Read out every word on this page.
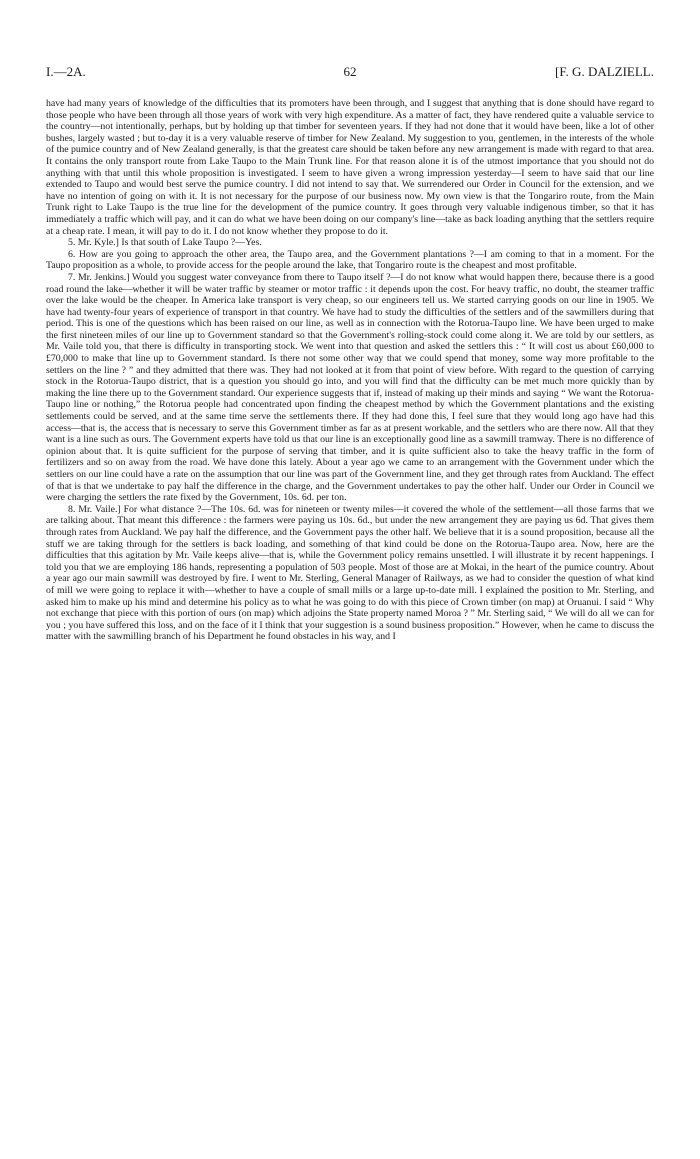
I.—2A.	62	[F. G. DALZIELL.

have had many years of knowledge of the difficulties that its promoters have been through, and I suggest that anything that is done should have regard to those people who have been through all those years of work with very high expenditure. As a matter of fact, they have rendered quite a valuable service to the country—not intentionally, perhaps, but by holding up that timber for seventeen years. If they had not done that it would have been, like a lot of other bushes, largely wasted ; but to-day it is a very valuable reserve of timber for New Zealand. My suggestion to you, gentlemen, in the interests of the whole of the pumice country and of New Zealand generally, is that the greatest care should be taken before any new arrangement is made with regard to that area. It contains the only transport route from Lake Taupo to the Main Trunk line. For that reason alone it is of the utmost importance that you should not do anything with that until this whole proposition is investigated. I seem to have given a wrong impression yesterday—I seem to have said that our line extended to Taupo and would best serve the pumice country. I did not intend to say that. We surrendered our Order in Council for the extension, and we have no intention of going on with it. It is not necessary for the purpose of our business now. My own view is that the Tongariro route, from the Main Trunk right to Lake Taupo is the true line for the development of the pumice country. It goes through very valuable indigenous timber, so that it has immediately a traffic which will pay, and it can do what we have been doing on our company's line—take as back loading anything that the settlers require at a cheap rate. I mean, it will pay to do it. I do not know whether they propose to do it.

5. Mr. Kyle.] Is that south of Lake Taupo ?—Yes.

6. How are you going to approach the other area, the Taupo area, and the Government plantations ?—I am coming to that in a moment. For the Taupo proposition as a whole, to provide access for the people around the lake, that Tongariro route is the cheapest and most profitable.

7. Mr. Jenkins.] Would you suggest water conveyance from there to Taupo itself ?—I do not know what would happen there, because there is a good road round the lake—whether it will be water traffic by steamer or motor traffic : it depends upon the cost. For heavy traffic, no doubt, the steamer traffic over the lake would be the cheaper. In America lake transport is very cheap, so our engineers tell us. We started carrying goods on our line in 1905. We have had twenty-four years of experience of transport in that country. We have had to study the difficulties of the settlers and of the sawmillers during that period. This is one of the questions which has been raised on our line, as well as in connection with the Rotorua-Taupo line. We have been urged to make the first nineteen miles of our line up to Government standard so that the Government's rolling-stock could come along it. We are told by our settlers, as Mr. Vaile told you, that there is difficulty in transporting stock. We went into that question and asked the settlers this : “ It will cost us about £60,000 to £70,000 to make that line up to Government standard. Is there not some other way that we could spend that money, some way more profitable to the settlers on the line ? ” and they admitted that there was. They had not looked at it from that point of view before. With regard to the question of carrying stock in the Rotorua-Taupo district, that is a question you should go into, and you will find that the difficulty can be met much more quickly than by making the line there up to the Government standard. Our experience suggests that if, instead of making up their minds and saying “ We want the Rotorua-Taupo line or nothing,” the Rotorua people had concentrated upon finding the cheapest method by which the Government plantations and the existing settlements could be served, and at the same time serve the settlements there. If they had done this, I feel sure that they would long ago have had this access—that is, the access that is necessary to serve this Government timber as far as at present workable, and the settlers who are there now. All that they want is a line such as ours. The Government experts have told us that our line is an exceptionally good line as a sawmill tramway. There is no difference of opinion about that. It is quite sufficient for the purpose of serving that timber, and it is quite sufficient also to take the heavy traffic in the form of fertilizers and so on away from the road. We have done this lately. About a year ago we came to an arrangement with the Government under which the settlers on our line could have a rate on the assumption that our line was part of the Government line, and they get through rates from Auckland. The effect of that is that we undertake to pay half the difference in the charge, and the Government undertakes to pay the other half. Under our Order in Council we were charging the settlers the rate fixed by the Government, 10s. 6d. per ton.

8. Mr. Vaile.] For what distance ?—The 10s. 6d. was for nineteen or twenty miles—it covered the whole of the settlement—all those farms that we are talking about. That meant this difference : the farmers were paying us 10s. 6d., but under the new arrangement they are paying us 6d. That gives them through rates from Auckland. We pay half the difference, and the Government pays the other half. We believe that it is a sound proposition, because all the stuff we are taking through for the settlers is back loading, and something of that kind could be done on the Rotorua-Taupo area. Now, here are the difficulties that this agitation by Mr. Vaile keeps alive—that is, while the Government policy remains unsettled. I will illustrate it by recent happenings. I told you that we are employing 186 hands, representing a population of 503 people. Most of those are at Mokai, in the heart of the pumice country. About a year ago our main sawmill was destroyed by fire. I went to Mr. Sterling, General Manager of Railways, as we had to consider the question of what kind of mill we were going to replace it with—whether to have a couple of small mills or a large up-to-date mill. I explained the position to Mr. Sterling, and asked him to make up his mind and determine his policy as to what he was going to do with this piece of Crown timber (on map) at Oruanui. I said “ Why not exchange that piece with this portion of ours (on map) which adjoins the State property named Moroa ? ” Mr. Sterling said, “ We will do all we can for you ; you have suffered this loss, and on the face of it I think that your suggestion is a sound business proposition.” However, when he came to discuss the matter with the sawmilling branch of his Department he found obstacles in his way, and I
